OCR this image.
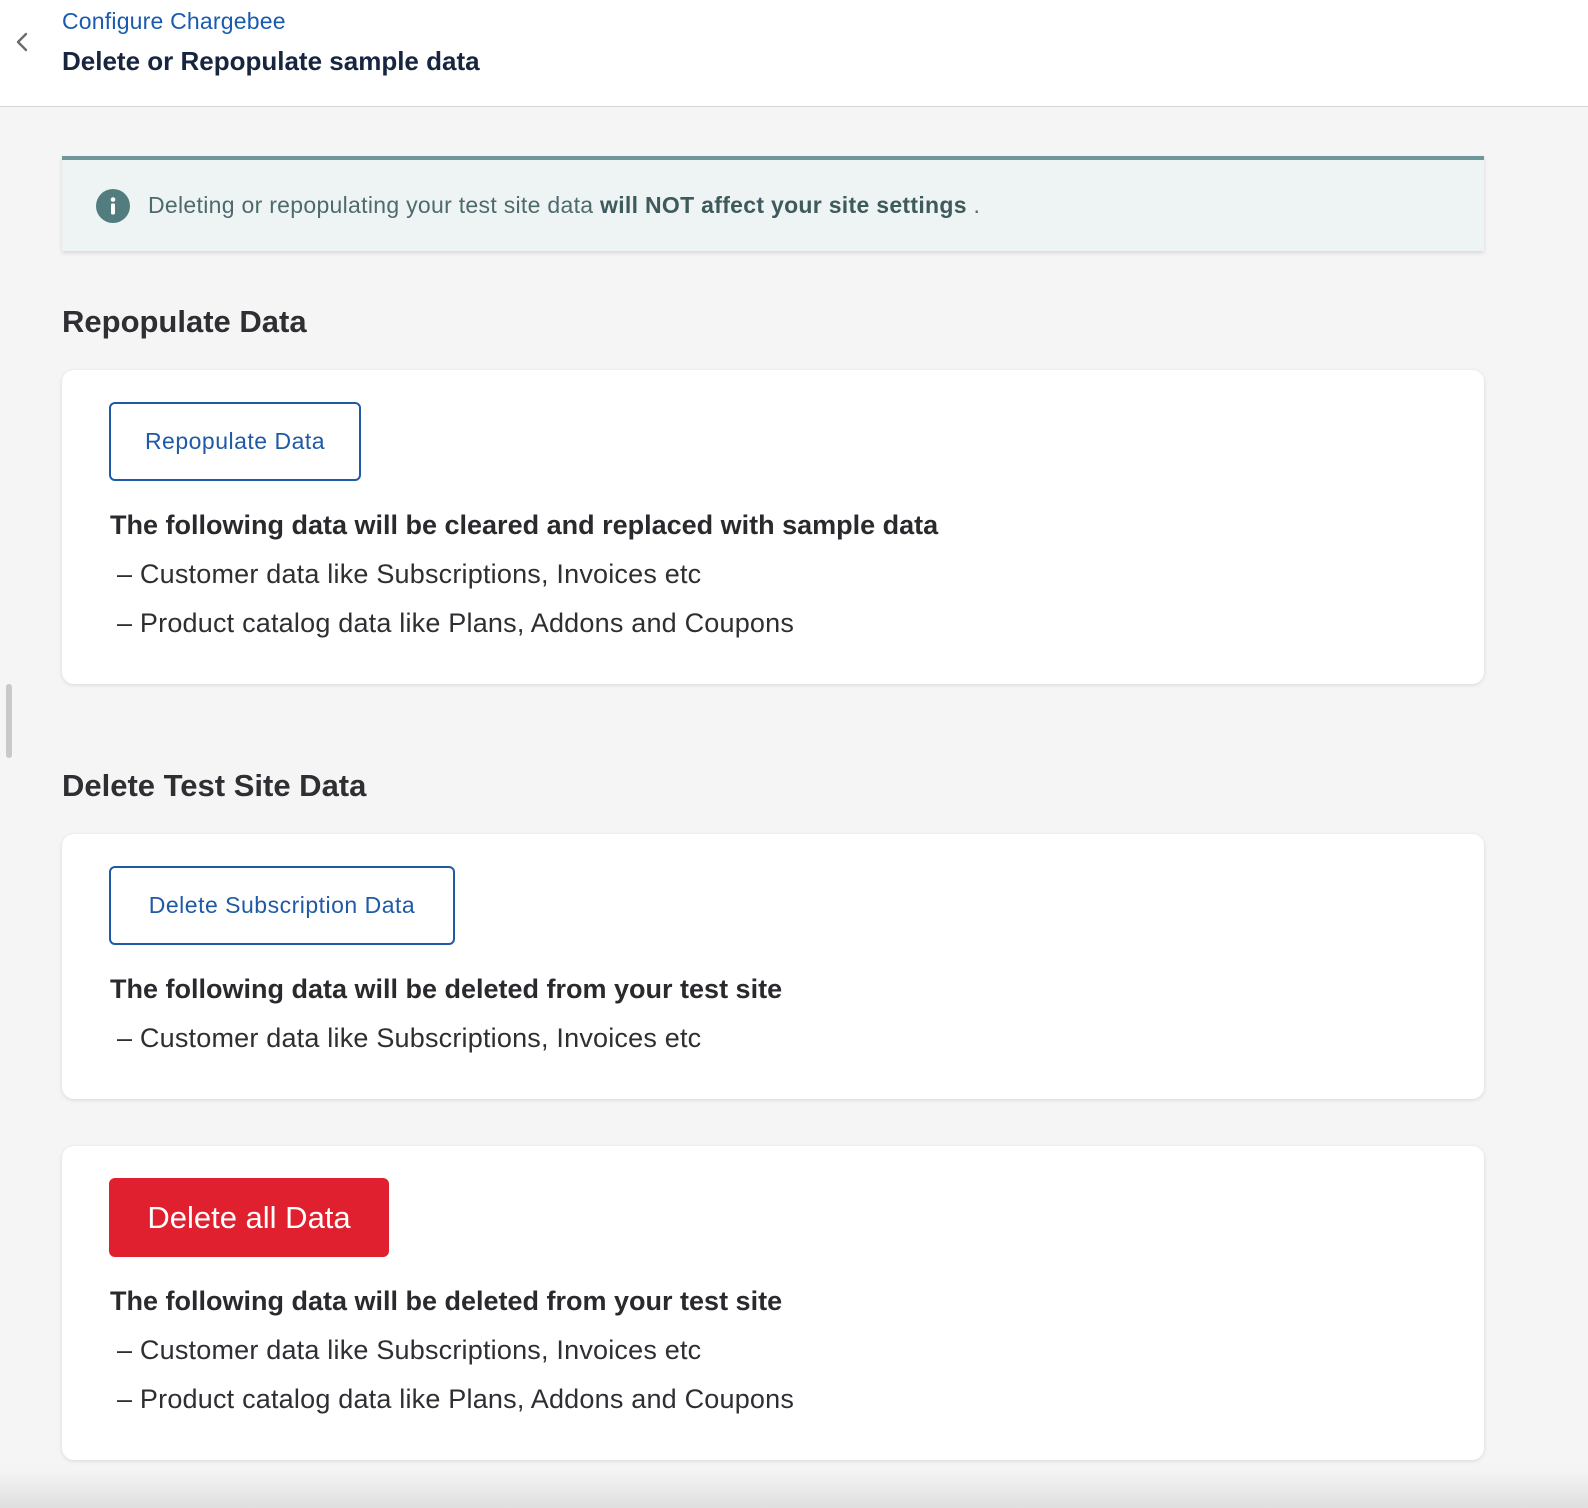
Configure Chargebee
Delete or Repopulate sample data
Deleting or repopulating your test site data will NOT affect your site settings .
Repopulate Data
Repopulate Data

The following data will be cleared and replaced with sample data

– Customer data like Subscriptions, Invoices etc
– Product catalog data like Plans, Addons and Coupons
Delete Test Site Data
Delete Subscription Data

The following data will be deleted from your test site

– Customer data like Subscriptions, Invoices etc
Delete all Data

The following data will be deleted from your test site

– Customer data like Subscriptions, Invoices etc
– Product catalog data like Plans, Addons and Coupons
